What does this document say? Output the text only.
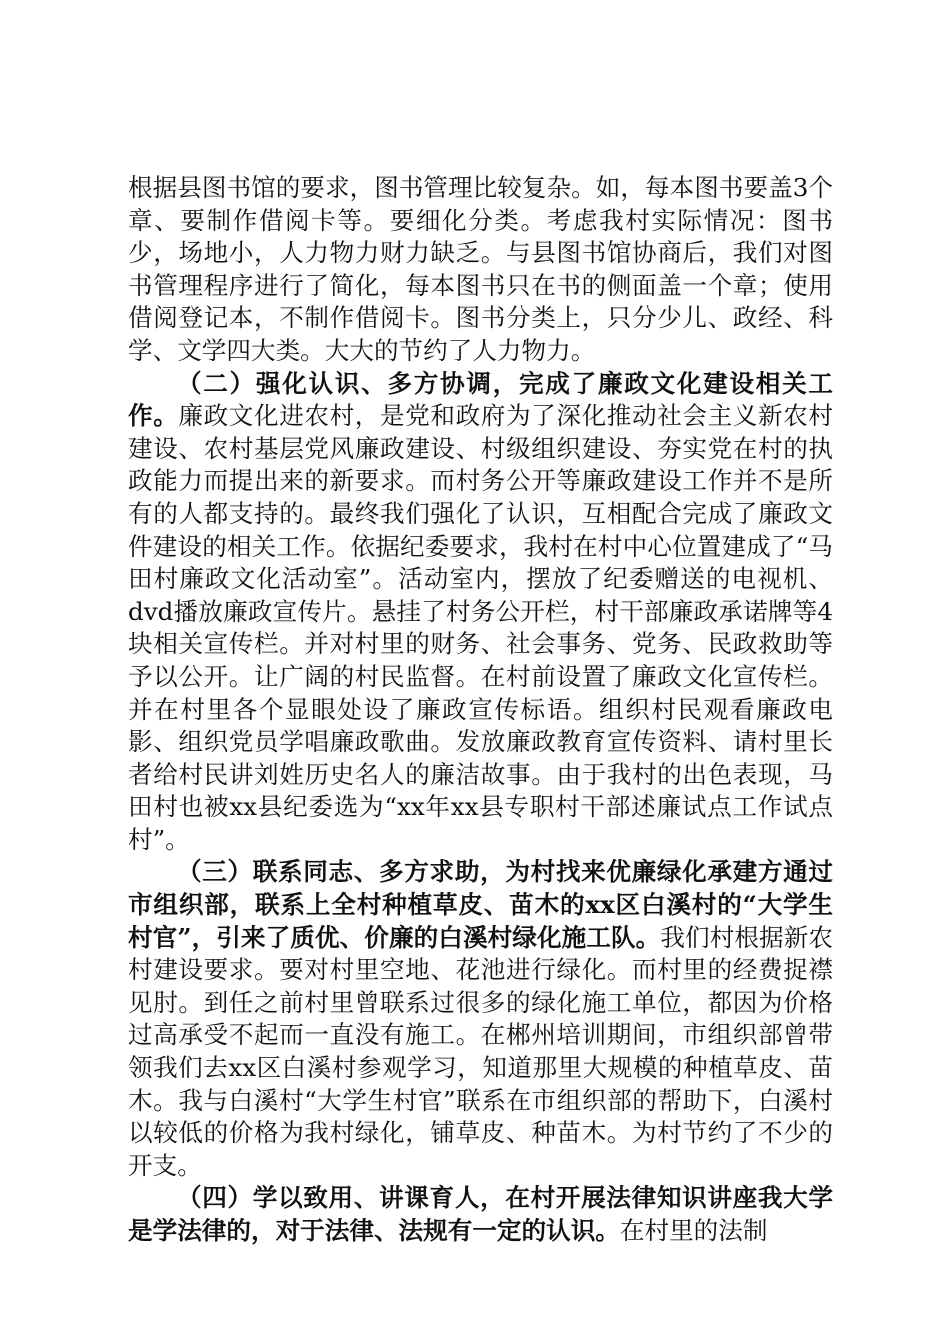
根据县图书馆的要求，图书管理比较复杂。如，每本图书要盖3个章、要制作借阅卡等。要细化分类。考虑我村实际情况：图书少，场地小，人力物力财力缺乏。与县图书馆协商后，我们对图书管理程序进行了简化，每本图书只在书的侧面盖一个章；使用借阅登记本，不制作借阅卡。图书分类上，只分少儿、政经、科学、文学四大类。大大的节约了人力物力。

（二）强化认识、多方协调，完成了廉政文化建设相关工作。廉政文化进农村，是党和政府为了深化推动社会主义新农村建设、农村基层党风廉政建设、村级组织建设、夯实党在村的执政能力而提出来的新要求。而村务公开等廉政建设工作并不是所有的人都支持的。最终我们强化了认识，互相配合完成了廉政文件建设的相关工作。依据纪委要求，我村在村中心位置建成了“马田村廉政文化活动室”。活动室内，摆放了纪委赠送的电视机、dvd播放廉政宣传片。悬挂了村务公开栏，村干部廉政承诺牌等4块相关宣传栏。并对村里的财务、社会事务、党务、民政救助等予以公开。让广阔的村民监督。在村前设置了廉政文化宣传栏。并在村里各个显眼处设了廉政宣传标语。组织村民观看廉政电影、组织党员学唱廉政歌曲。发放廉政教育宣传资料、请村里长者给村民讲刘姓历史名人的廉洁故事。由于我村的出色表现，马田村也被xx县纪委选为“xx年xx县专职村干部述廉试点工作试点村”。

（三）联系同志、多方求助，为村找来优廉绿化承建方通过市组织部，联系上全村种植草皮、苗木的xx区白溪村的“大学生村官”，引来了质优、价廉的白溪村绿化施工队。我们村根据新农村建设要求。要对村里空地、花池进行绿化。而村里的经费捉襟见肘。到任之前村里曾联系过很多的绿化施工单位，都因为价格过高承受不起而一直没有施工。在郴州培训期间，市组织部曾带领我们去xx区白溪村参观学习，知道那里大规模的种植草皮、苗木。我与白溪村“大学生村官”联系在市组织部的帮助下，白溪村以较低的价格为我村绿化，铺草皮、种苗木。为村节约了不少的开支。

（四）学以致用、讲课育人，在村开展法律知识讲座我大学是学法律的，对于法律、法规有一定的认识。在村里的法制
